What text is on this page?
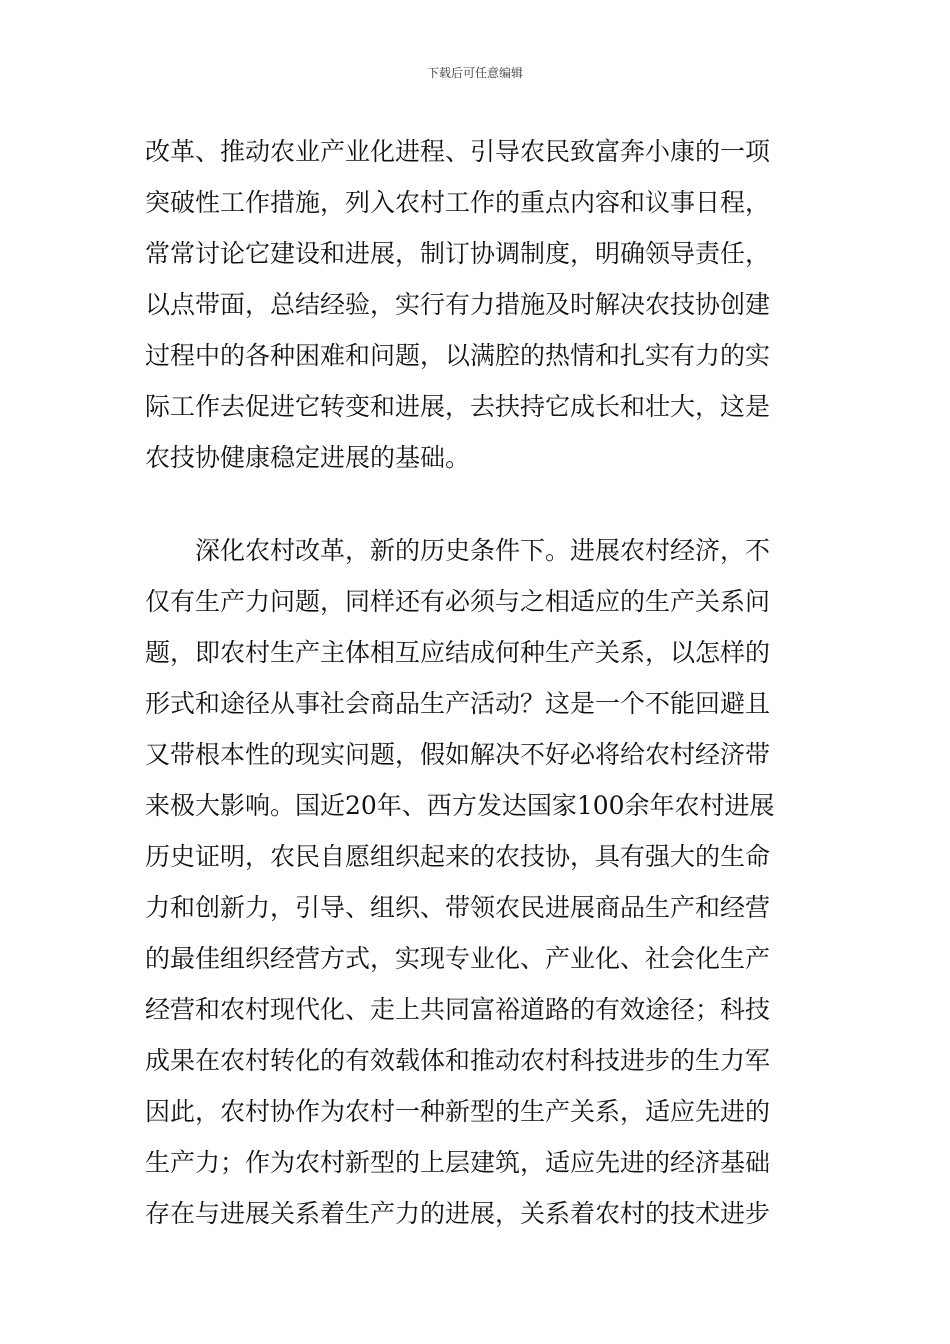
下载后可任意编辑

改革、推动农业产业化进程、引导农民致富奔小康的一项
突破性工作措施，列入农村工作的重点内容和议事日程，
常常讨论它建设和进展，制订协调制度，明确领导责任，
以点带面，总结经验，实行有力措施及时解决农技协创建
过程中的各种困难和问题，以满腔的热情和扎实有力的实
际工作去促进它转变和进展，去扶持它成长和壮大，这是
农技协健康稳定进展的基础。

　　深化农村改革，新的历史条件下。进展农村经济，不
仅有生产力问题，同样还有必须与之相适应的生产关系问
题，即农村生产主体相互应结成何种生产关系，以怎样的
形式和途径从事社会商品生产活动？这是一个不能回避且
又带根本性的现实问题，假如解决不好必将给农村经济带
来极大影响。国近20年、西方发达国家100余年农村进展
历史证明，农民自愿组织起来的农技协，具有强大的生命
力和创新力，引导、组织、带领农民进展商品生产和经营
的最佳组织经营方式，实现专业化、产业化、社会化生产
经营和农村现代化、走上共同富裕道路的有效途径；科技
成果在农村转化的有效载体和推动农村科技进步的生力军
因此，农村协作为农村一种新型的生产关系，适应先进的
生产力；作为农村新型的上层建筑，适应先进的经济基础
存在与进展关系着生产力的进展，关系着农村的技术进步
